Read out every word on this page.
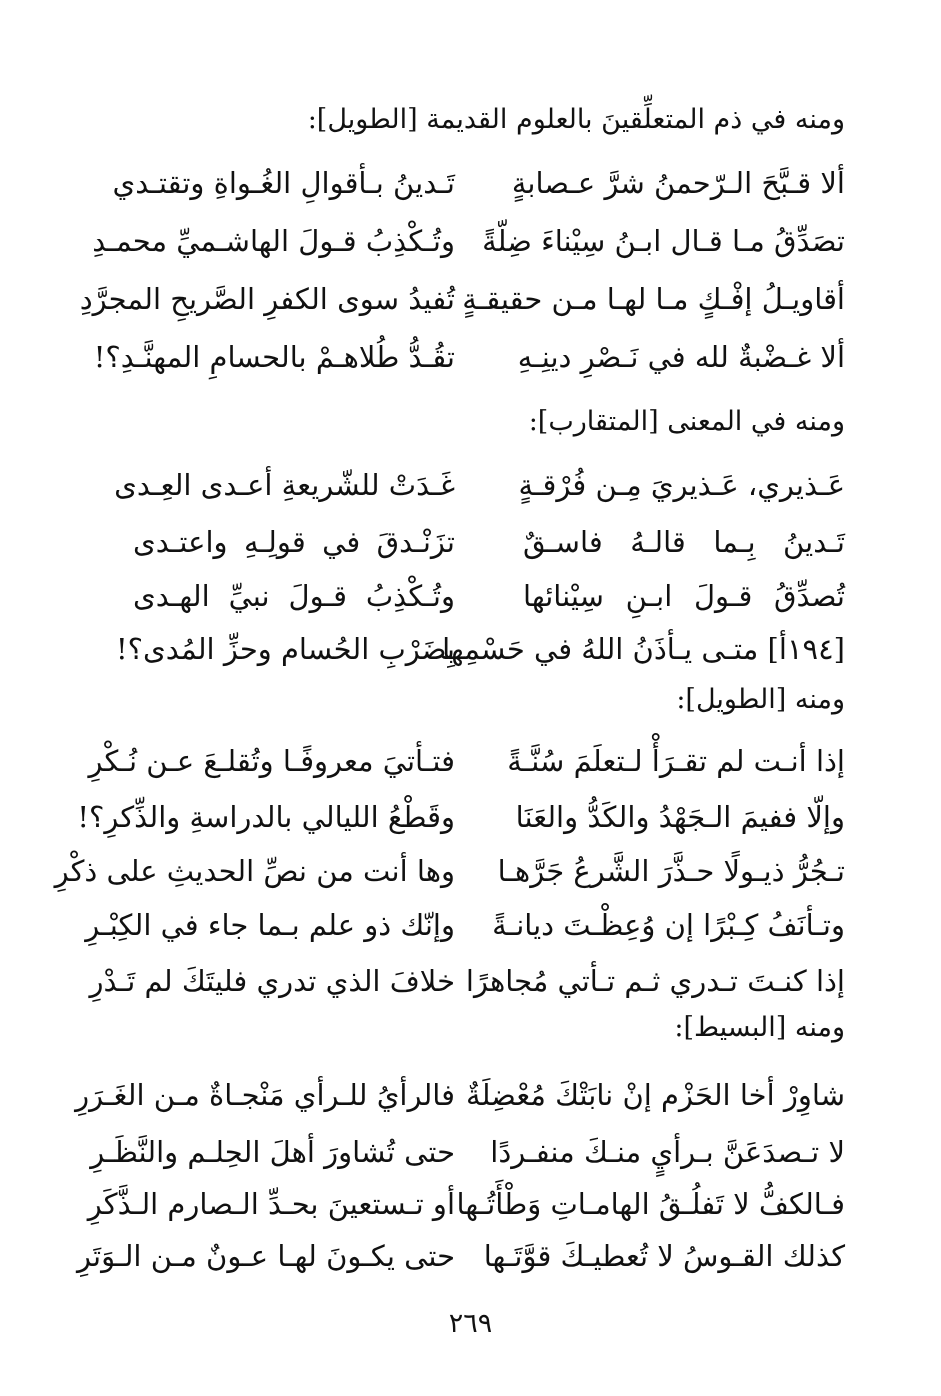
ومنه في ذم المتعلِّقينَ بالعلوم القديمة [الطويل]:
ألا قـبَّحَ الـرّحمنُ شرَّ عـصابةٍ
تَـدينُ بـأقوالِ الغُـواةِ وتقتـدي
تصَدِّقُ مـا قـال ابـنُ سِيْناءَ ضِلّةً
وتُـكْذِبُ قـولَ الهاشـميِّ محمـدِ
أقاويـلُ إفْـكٍ مـا لهـا مـن حقيقـةٍ
تُفيدُ سوى الكفرِ الصَّريحِ المجرَّدِ
ألا غـضْبةٌ لله في نَـصْرِ دينِـهِ
تقُـدُّ طُلاهـمْ بالحسامِ المهنَّـدِ؟!
ومنه في المعنى [المتقارب]:
عَـذيري، عَـذيريَ مِـن فُرْقـةٍ
غَـدَتْ للشّريعةِ أعـدى العِـدى
تَـدينُ بِـما قالـهُ فاسـقٌ
تزَنْـدقَ في قولِـهِ واعتـدى
تُصدِّقُ قـولَ ابـنِ سِيْنائها
وتُـكْذِبُ قـولَ نبيِّ الهـدى
[١٩٤أ] متـى يـأذَنُ اللهُ في حَسْمِها
بِضَرْبِ الحُسام وحزِّ المُدى؟!
ومنه [الطويل]:
إذا أنـت لم تقـرَأْ لـتعلَمَ سُنَّـةً
فتـأتيَ معروفًـا وتُقلـعَ عـن نُـكْرِ
وإلّا ففيمَ الـجَهْدُ والكَدُّ والعَنَا
وقَطْعُ الليالي بالدراسةِ والذِّكرِ؟!
تـجُرُّ ذيـولًا حـذَّرَ الشَّرعُ جَرَّهـا
وها أنت من نصِّ الحديثِ على ذكْرِ
وتـأنَفُ كِـبْرًا إن وُعِظْـتَ ديانـةً
وإنّك ذو علم بـما جاء في الكِبْـرِ
إذا كنـتَ تـدري ثـم تـأتي مُجاهرًا
خلافَ الذي تدري فليتَكَ لم تَـدْرِ
ومنه [البسيط]:
شاوِرْ أخا الحَزْم إنْ نابَتْكَ مُعْضِلَةٌ
فالرأيُ للـرأي مَنْجـاةٌ مـن الغَـرَرِ
لا تـصدَعَنَّ بـرأيٍ منـكَ منفـردًا
حتى تُشاورَ أهلَ الحِلـم والنَّظَـرِ
فـالكفُّ لا تَفلُـقُ الهامـاتِ وَطْأَتُـها
أو تـستعينَ بحـدِّ الـصارم الـذَّكَرِ
كذلك القـوسُ لا تُعطيـكَ قوَّتَـها
حتى يكـونَ لهـا عـونٌ مـن الـوَتَرِ
٢٦٩
